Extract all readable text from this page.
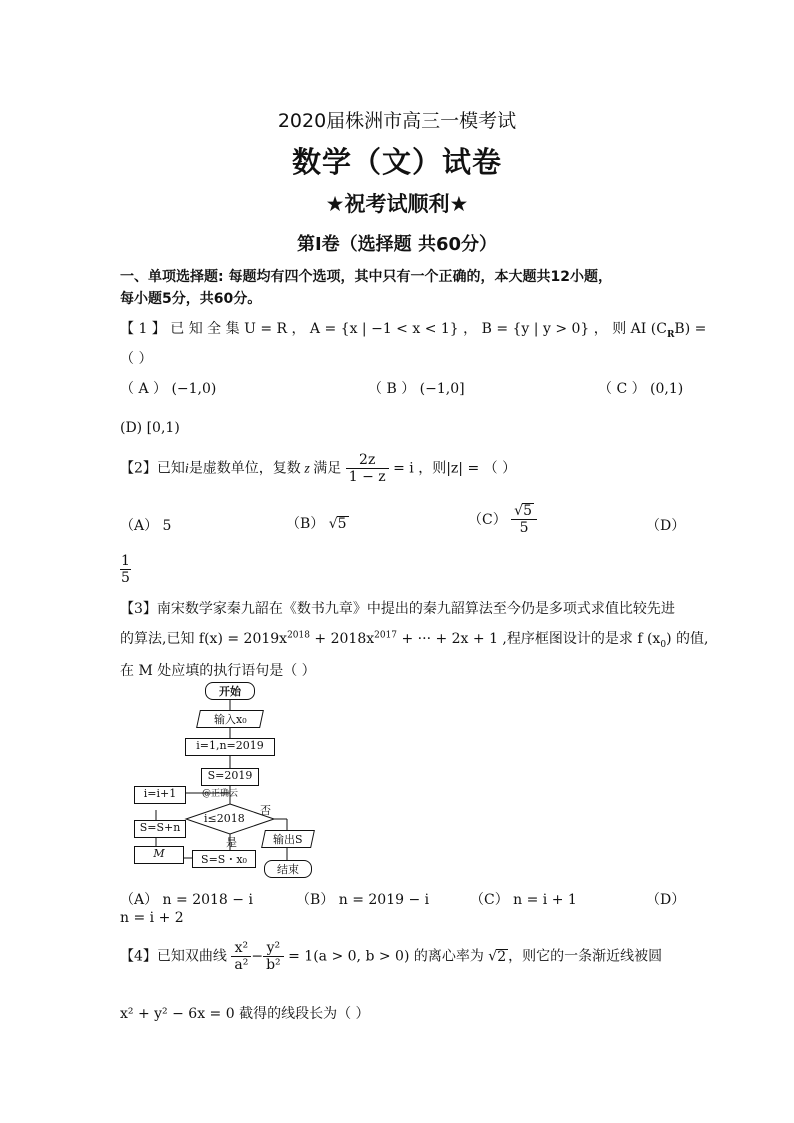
2020届株洲市高三一模考试
数学（文）试卷
★祝考试顺利★
第Ⅰ卷（选择题 共60分）
一、单项选择题: 每题均有四个选项，其中只有一个正确的，本大题共12小题，
每小题5分，共60分。
【 1 】 已 知 全 集 U = R ， A = {x | −1 < x < 1} ， B = {y | y > 0} ， 则 AI $(C_RB)$ =
（ ）
（ A ） (−1,0)	（ B ） (−1,0]	（ C ） (0,1)
(D) [0,1)
【2】已知i是虚数单位，复数 z 满足 $\frac{2z}{1 - z} = i$ ，则|z| = （ ）
（A） 5	（B） √5	$(C) \frac{√5}{5}$	（D）
$\frac{1}{5}$
【3】南宋数学家秦九韶在《数书九章》中提出的秦九韶算法至今仍是多项式求值比较先进
的算法,已知 $f(x) = 2019x^{2018} + 2018x^{2017}$ + ··· + 2x + 1 ,程序框图设计的是求 f $(x_0)$ 的值,
在 M 处应填的执行语句是（ ）
开始
输入x₀
i=1,n=2019
S=2019
@正确云
i≤2018
否
是	输出S
结束
i=i+1
S=S+n
M	S=S・x₀
（A） n = 2018 − i	（B） n = 2019 − i	（C） n = i + 1	（D）
n = i + 2
【4】已知双曲线 $\frac{\text{x²}}{\text{a²}} - \frac{\text{y²}}{\text{b²}} = 1(a > 0$, b > 0) 的离心率为 √2 ，则它的一条渐近线被圆
x² + y² − 6x = 0 截得的线段长为（ ）
